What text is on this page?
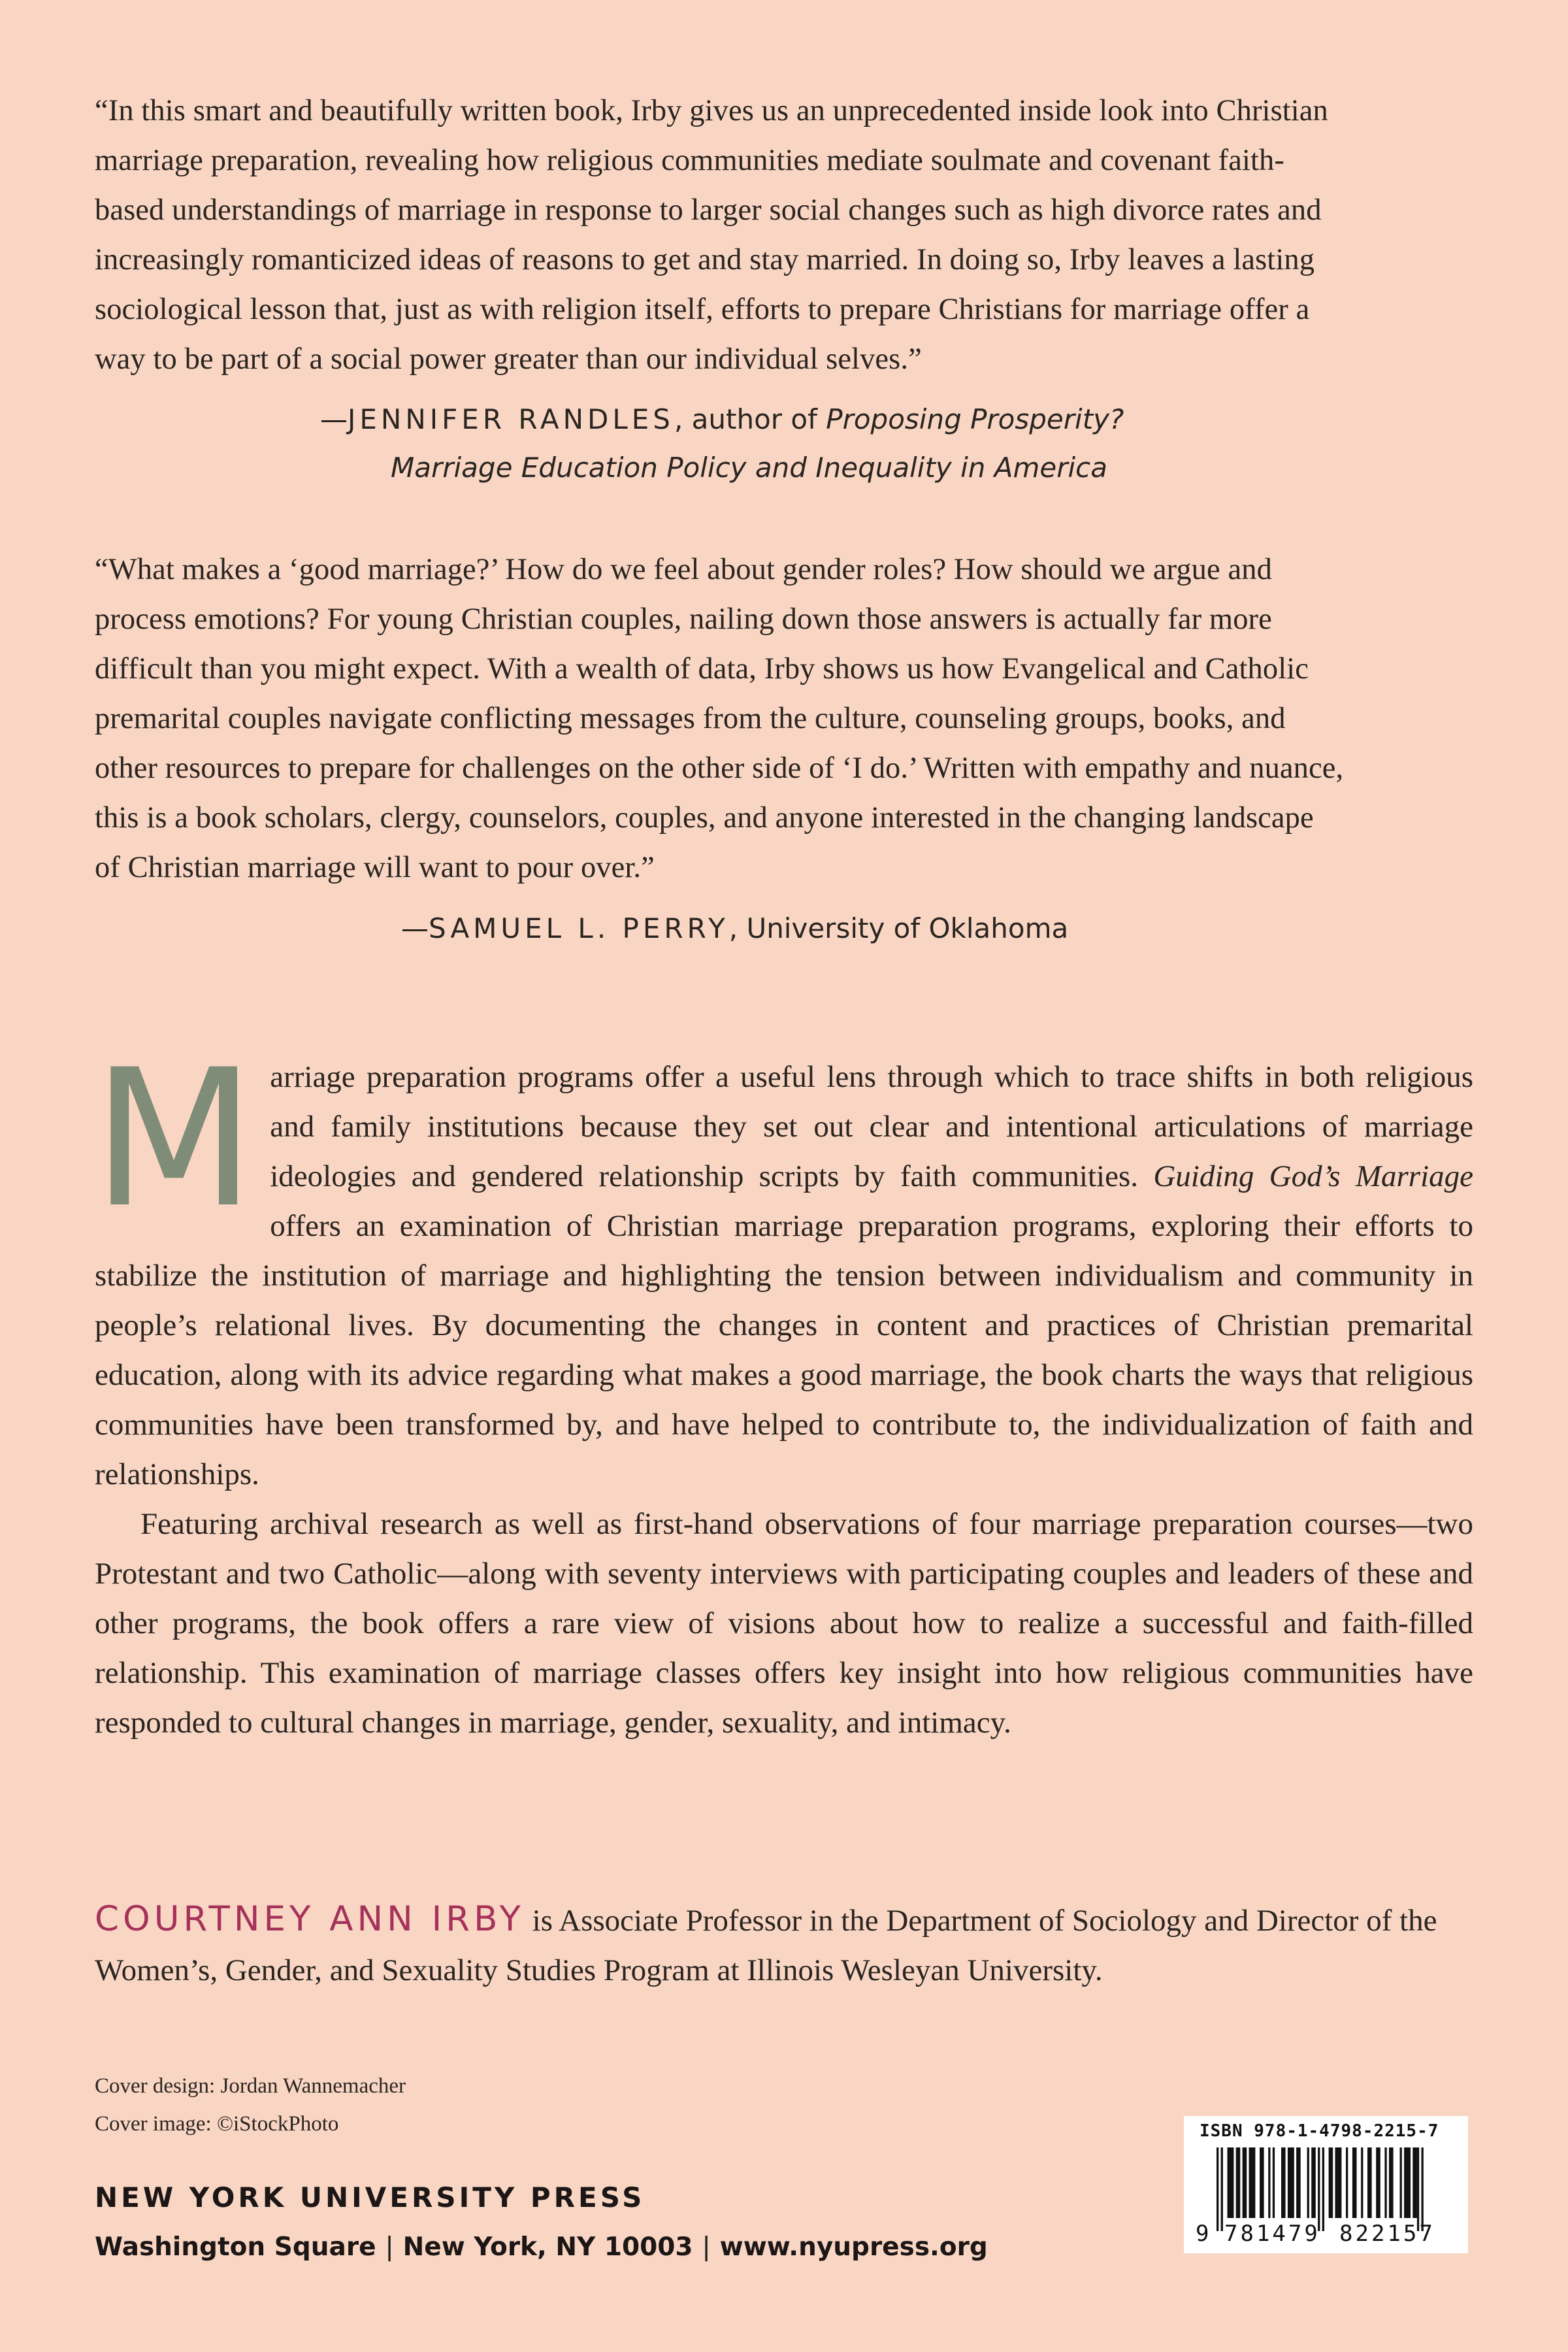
“In this smart and beautifully written book, Irby gives us an unprecedented inside look into Christian
marriage preparation, revealing how religious communities mediate soulmate and covenant faith-
based understandings of marriage in response to larger social changes such as high divorce rates and
increasingly romanticized ideas of reasons to get and stay married. In doing so, Irby leaves a lasting
sociological lesson that, just as with religion itself, efforts to prepare Christians for marriage offer a
way to be part of a social power greater than our individual selves.”
—JENNIFER RANDLES, author of Proposing Prosperity?
Marriage Education Policy and Inequality in America
“What makes a ‘good marriage?’ How do we feel about gender roles? How should we argue and
process emotions? For young Christian couples, nailing down those answers is actually far more
difficult than you might expect. With a wealth of data, Irby shows us how Evangelical and Catholic
premarital couples navigate conflicting messages from the culture, counseling groups, books, and
other resources to prepare for challenges on the other side of ‘I do.’ Written with empathy and nuance,
this is a book scholars, clergy, counselors, couples, and anyone interested in the changing landscape
of Christian marriage will want to pour over.”
—SAMUEL L. PERRY, University of Oklahoma

Marriage preparation programs offer a useful lens through which to trace shifts in both religious and family institutions because they set out clear and intentional articulations of marriage ideologies and gendered relationship scripts by faith communities. Guiding God’s Marriage offers an examination of Christian marriage preparation programs, exploring their efforts to stabilize the institution of marriage and highlighting the tension between individualism and community in people’s relational lives. By documenting the changes in content and practices of Christian premarital education, along with its advice regarding what makes a good marriage, the book charts the ways that religious communities have been transformed by, and have helped to contribute to, the individualization of faith and relationships.

Featuring archival research as well as first-hand observations of four marriage preparation courses—two Protestant and two Catholic—along with seventy interviews with participating couples and leaders of these and other programs, the book offers a rare view of visions about how to realize a successful and faith-filled relationship. This examination of marriage classes offers key insight into how religious communities have responded to cultural changes in marriage, gender, sexuality, and intimacy.

COURTNEY ANN IRBY is Associate Professor in the Department of Sociology and Director of the Women’s, Gender, and Sexuality Studies Program at Illinois Wesleyan University.
Cover design: Jordan Wannemacher
Cover image: ©iStockPhoto
NEW YORK UNIVERSITY PRESS
Washington Square | New York, NY 10003 | www.nyupress.org
ISBN 978-1-4798-2215-7
9 781479 822157
